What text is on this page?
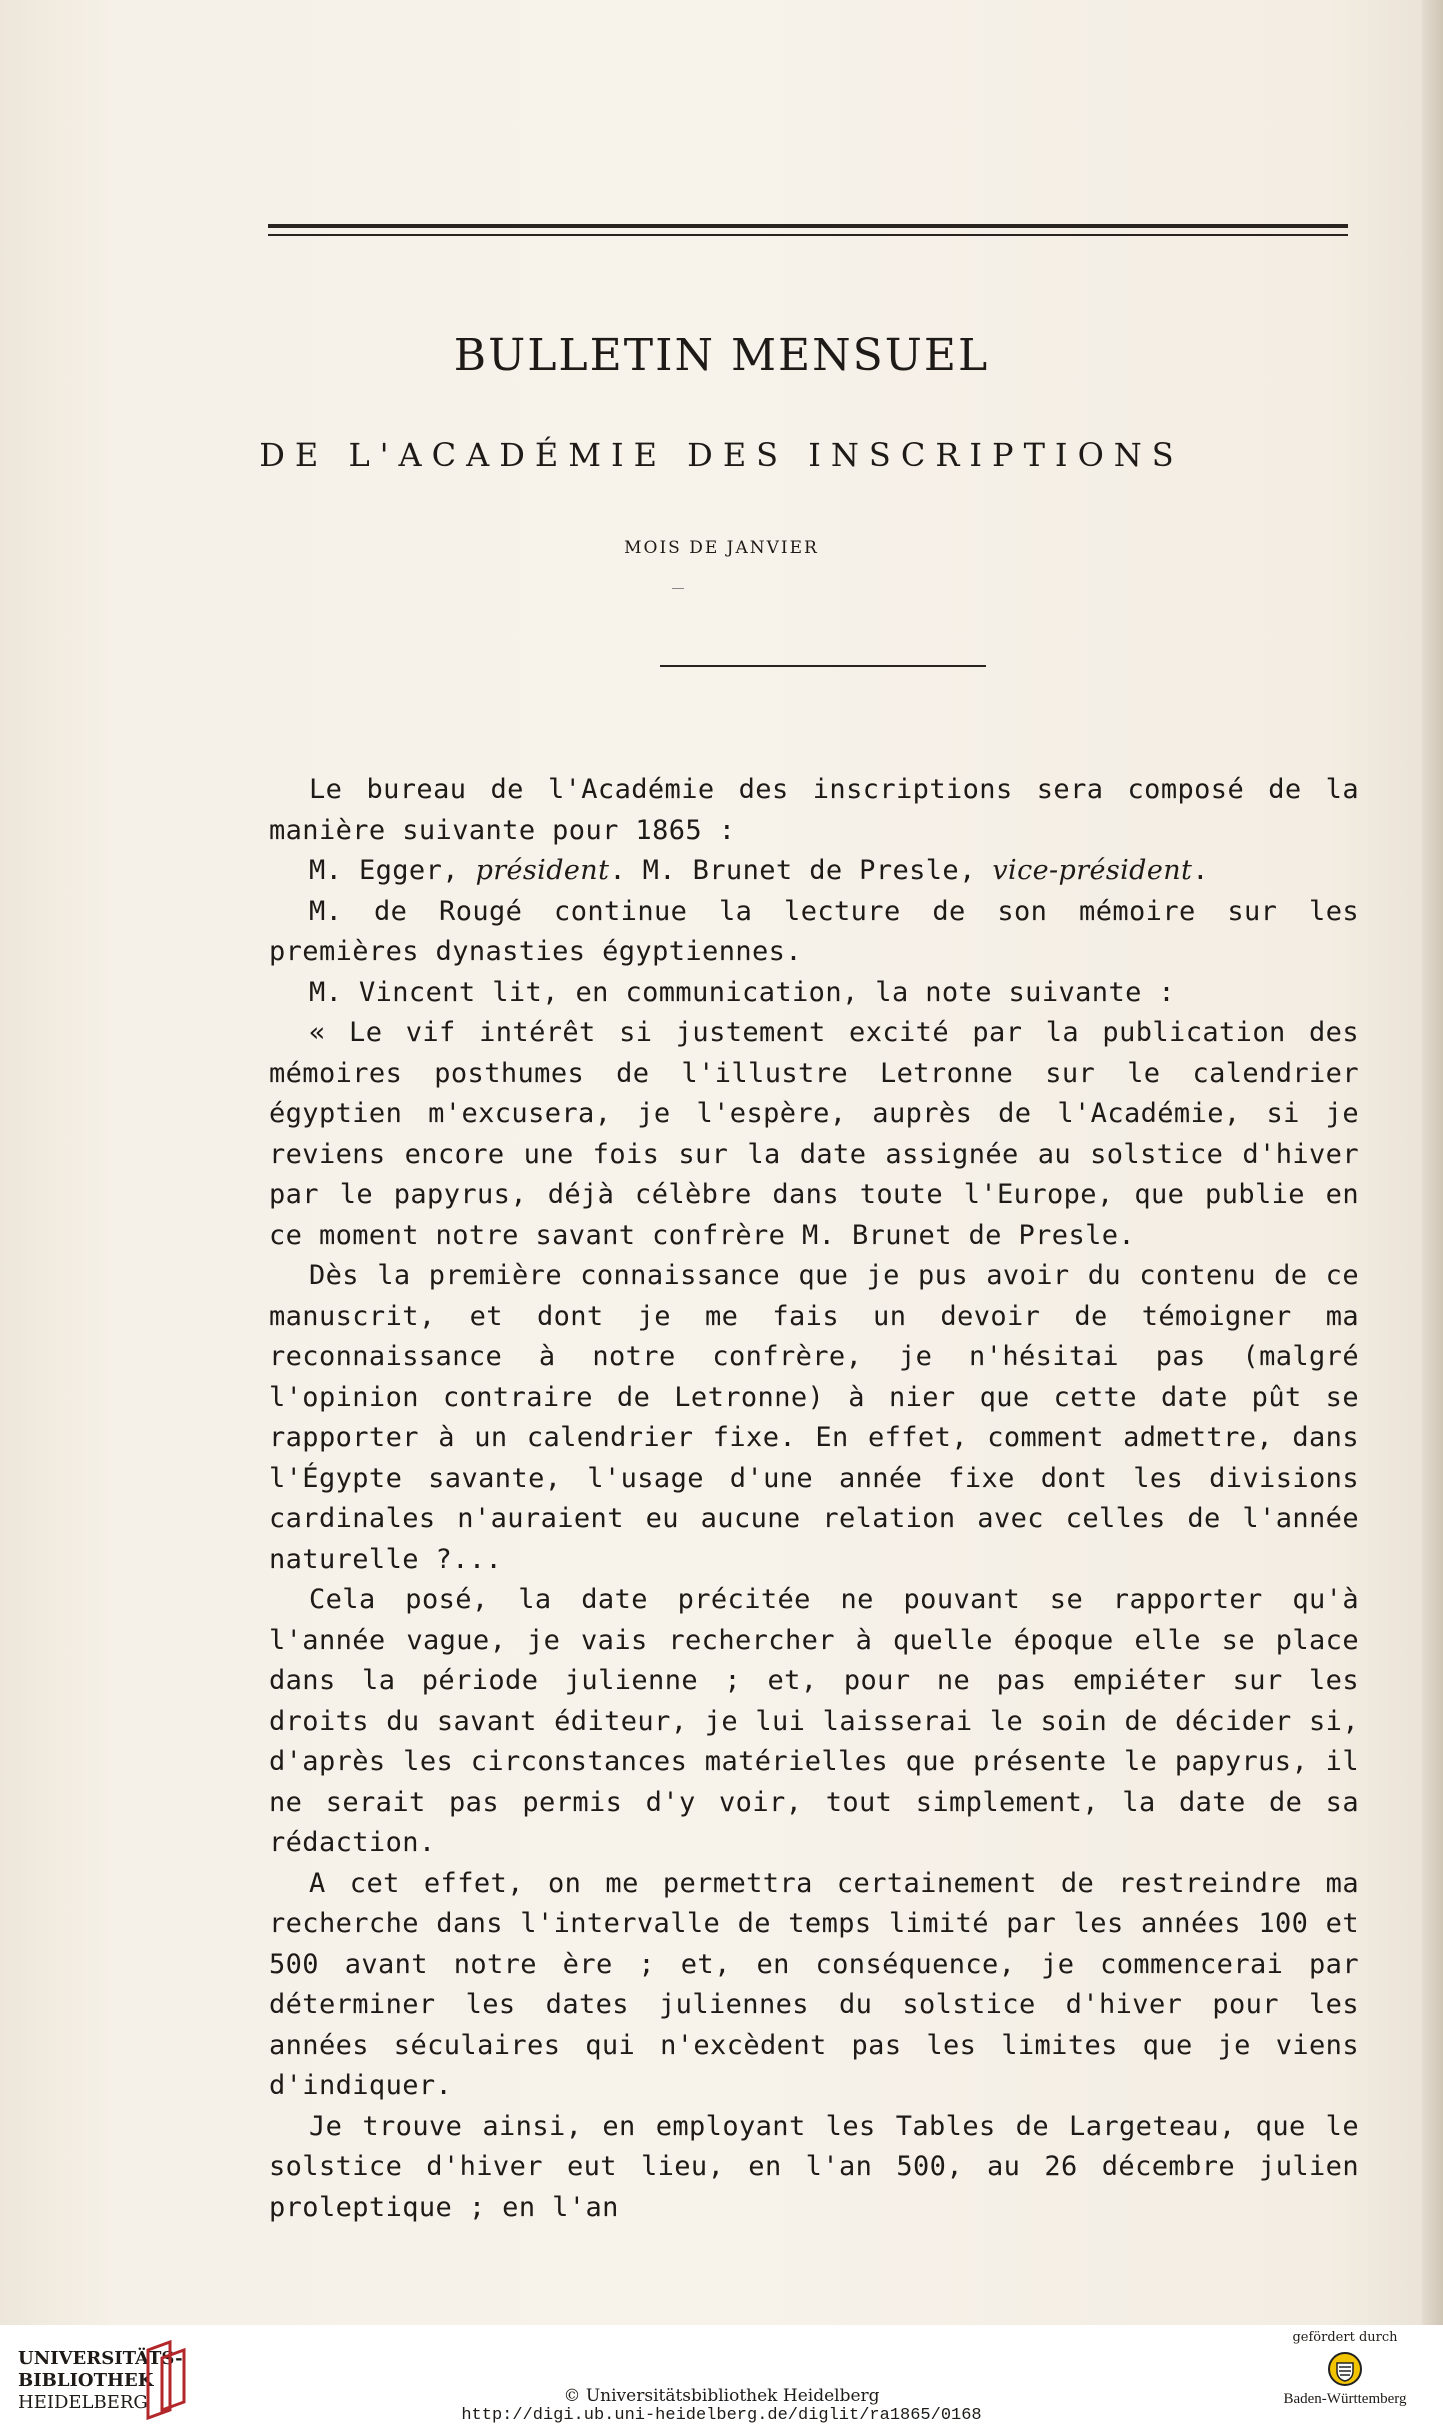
BULLETIN MENSUEL
DE L'ACADÉMIE DES INSCRIPTIONS
MOIS DE JANVIER

Le bureau de l'Académie des inscriptions sera composé de la manière suivante pour 1865 :

M. Egger, président. M. Brunet de Presle, vice-président.

M. de Rougé continue la lecture de son mémoire sur les premières dynasties égyptiennes.

M. Vincent lit, en communication, la note suivante :

« Le vif intérêt si justement excité par la publication des mémoires posthumes de l'illustre Letronne sur le calendrier égyptien m'excusera, je l'espère, auprès de l'Académie, si je reviens encore une fois sur la date assignée au solstice d'hiver par le papyrus, déjà célèbre dans toute l'Europe, que publie en ce moment notre savant confrère M. Brunet de Presle.

Dès la première connaissance que je pus avoir du contenu de ce manuscrit, et dont je me fais un devoir de témoigner ma reconnaissance à notre confrère, je n'hésitai pas (malgré l'opinion contraire de Letronne) à nier que cette date pût se rapporter à un calendrier fixe. En effet, comment admettre, dans l'Égypte savante, l'usage d'une année fixe dont les divisions cardinales n'auraient eu aucune relation avec celles de l'année naturelle ?...

Cela posé, la date précitée ne pouvant se rapporter qu'à l'année vague, je vais rechercher à quelle époque elle se place dans la période julienne ; et, pour ne pas empiéter sur les droits du savant éditeur, je lui laisserai le soin de décider si, d'après les circonstances matérielles que présente le papyrus, il ne serait pas permis d'y voir, tout simplement, la date de sa rédaction.

A cet effet, on me permettra certainement de restreindre ma recherche dans l'intervalle de temps limité par les années 100 et 500 avant notre ère ; et, en conséquence, je commencerai par déterminer les dates juliennes du solstice d'hiver pour les années séculaires qui n'excèdent pas les limites que je viens d'indiquer.

Je trouve ainsi, en employant les Tables de Largeteau, que le solstice d'hiver eut lieu, en l'an 500, au 26 décembre julien proleptique ; en l'an

UNIVERSITÄTS-
BIBLIOTHEK
HEIDELBERG	© Universitätsbibliothek Heidelberg
http://digi.ub.uni-heidelberg.de/diglit/ra1865/0168
gefördert durch
Baden-Württemberg
